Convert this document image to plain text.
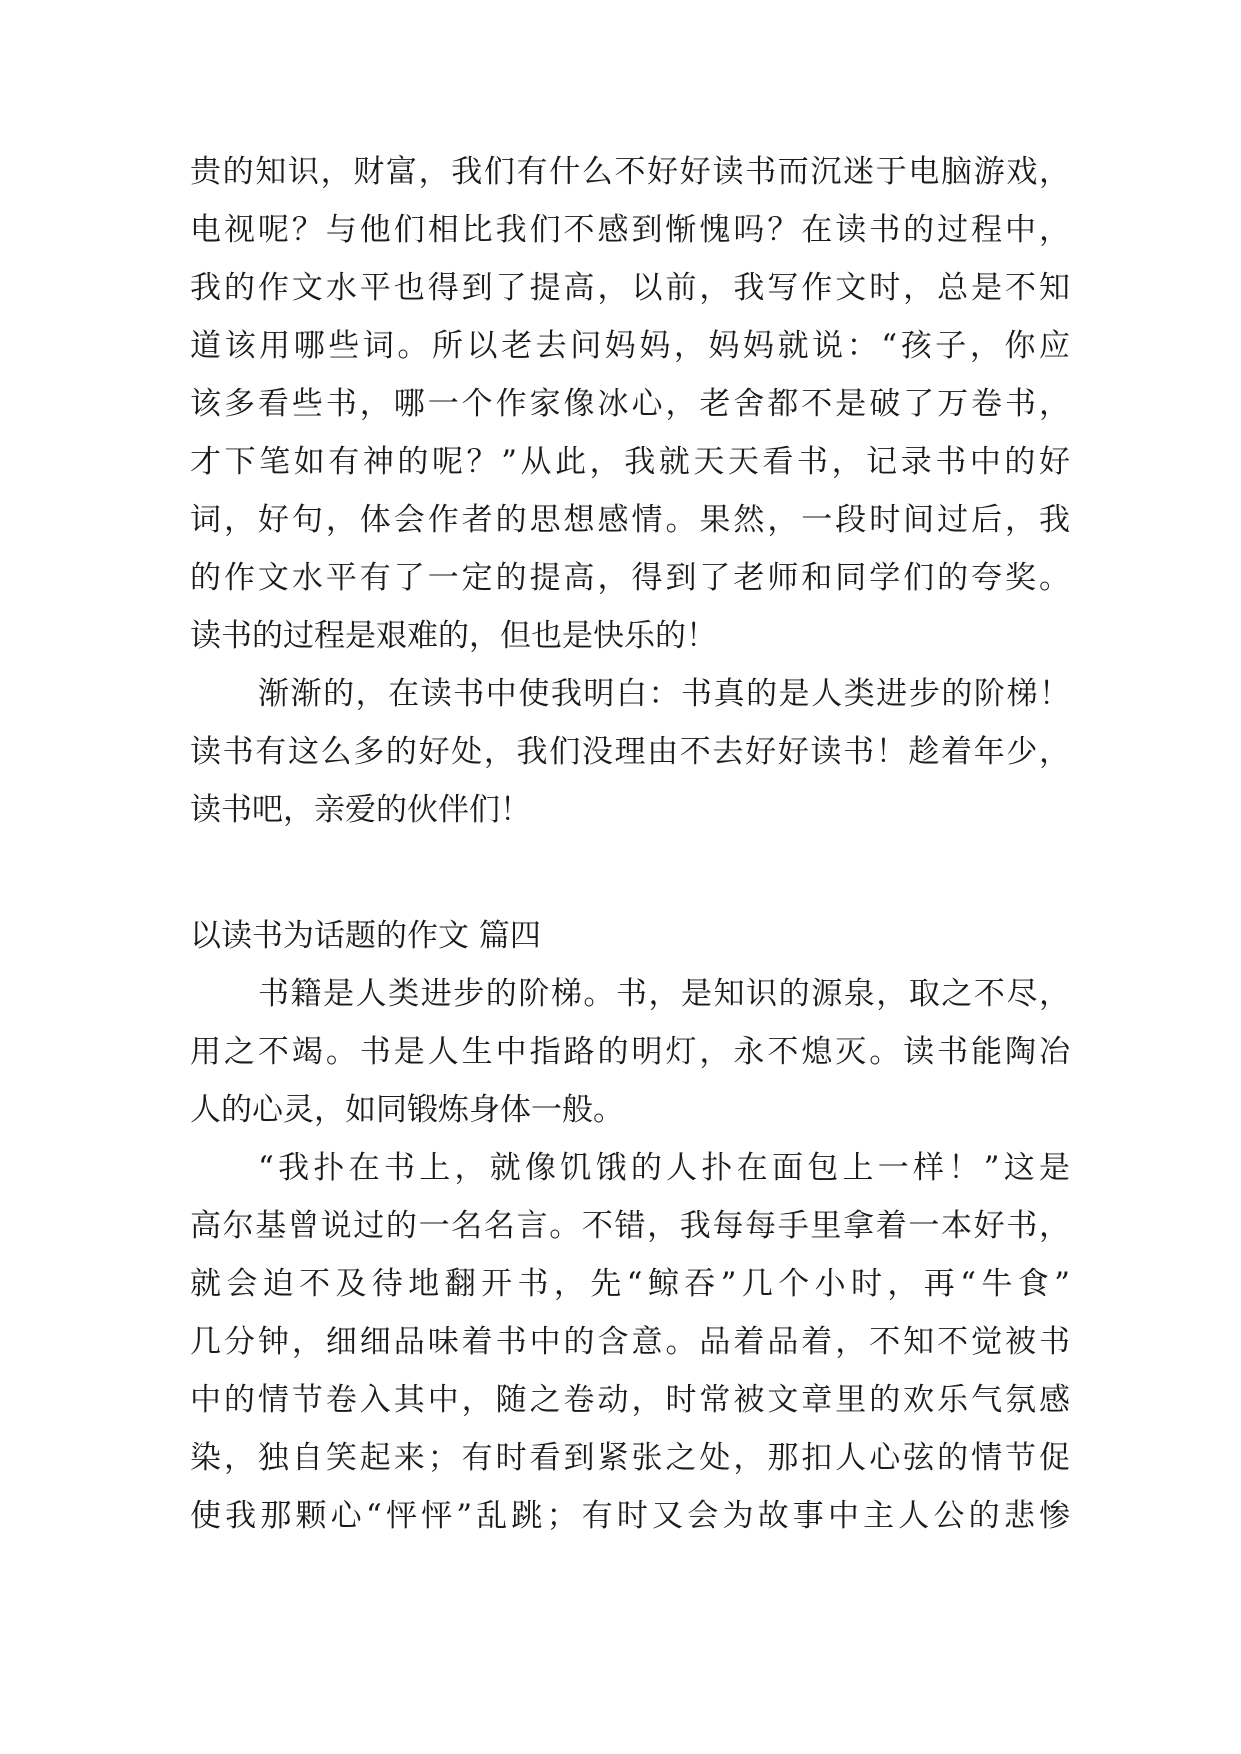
贵的知识，财富，我们有什么不好好读书而沉迷于电脑游戏，
电视呢？与他们相比我们不感到惭愧吗？在读书的过程中，
我的作文水平也得到了提高，以前，我写作文时，总是不知
道该用哪些词。所以老去问妈妈，妈妈就说：“孩子，你应
该多看些书，哪一个作家像冰心，老舍都不是破了万卷书，
才下笔如有神的呢？”从此，我就天天看书，记录书中的好
词，好句，体会作者的思想感情。果然，一段时间过后，我
的作文水平有了一定的提高，得到了老师和同学们的夸奖。
读书的过程是艰难的，但也是快乐的！
渐渐的，在读书中使我明白：书真的是人类进步的阶梯！
读书有这么多的好处，我们没理由不去好好读书！趁着年少，
读书吧，亲爱的伙伴们！
以读书为话题的作文 篇四
书籍是人类进步的阶梯。书，是知识的源泉，取之不尽，
用之不竭。书是人生中指路的明灯，永不熄灭。读书能陶冶
人的心灵，如同锻炼身体一般。
“我扑在书上，就像饥饿的人扑在面包上一样！”这是
高尔基曾说过的一名名言。不错，我每每手里拿着一本好书，
就会迫不及待地翻开书，先“鲸吞”几个小时，再“牛食”
几分钟，细细品味着书中的含意。品着品着，不知不觉被书
中的情节卷入其中，随之卷动，时常被文章里的欢乐气氛感
染，独自笑起来；有时看到紧张之处，那扣人心弦的情节促
使我那颗心“怦怦”乱跳；有时又会为故事中主人公的悲惨
